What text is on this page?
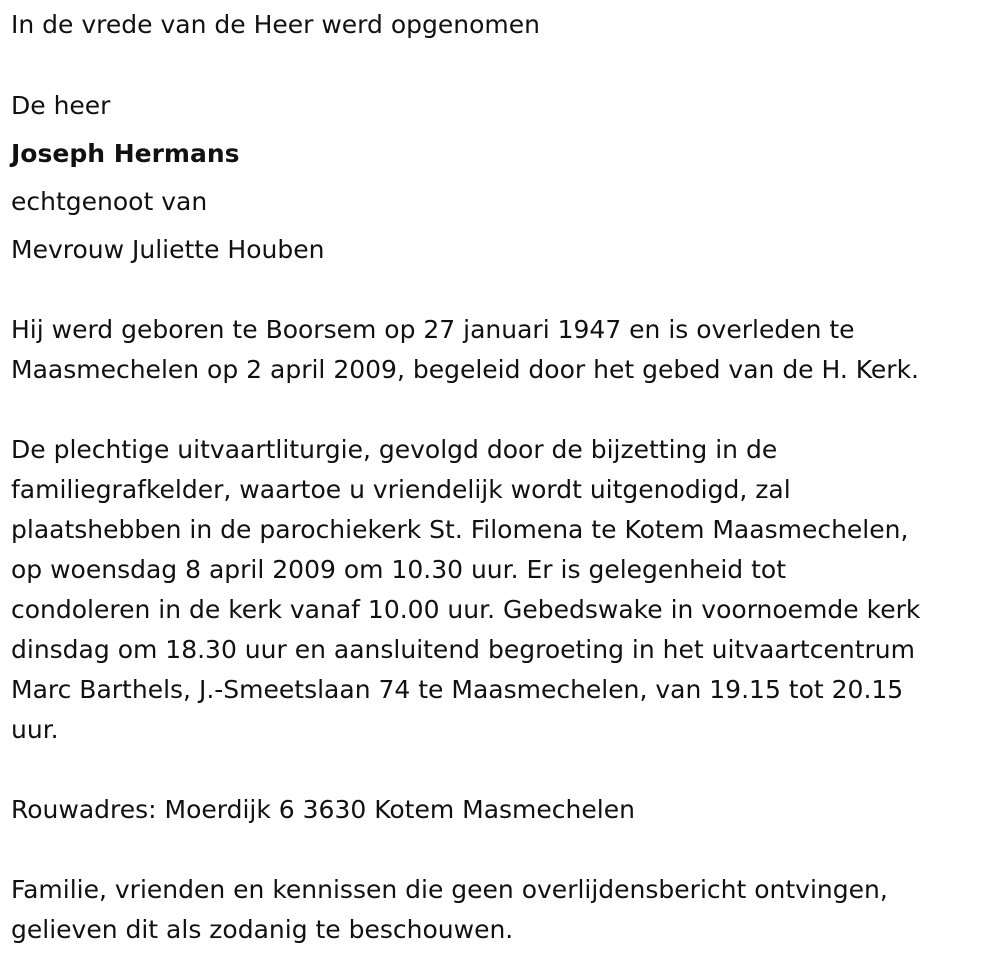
In de vrede van de Heer werd opgenomen
De heer
Joseph Hermans
echtgenoot van
Mevrouw Juliette Houben
Hij werd geboren te Boorsem op 27 januari 1947 en is overleden te
Maasmechelen op 2 april 2009, begeleid door het gebed van de H. Kerk.
De plechtige uitvaartliturgie, gevolgd door de bijzetting in de
familiegrafkelder, waartoe u vriendelijk wordt uitgenodigd, zal
plaatshebben in de parochiekerk St. Filomena te Kotem Maasmechelen,
op woensdag 8 april 2009 om 10.30 uur. Er is gelegenheid tot
condoleren in de kerk vanaf 10.00 uur. Gebedswake in voornoemde kerk
dinsdag om 18.30 uur en aansluitend begroeting in het uitvaartcentrum
Marc Barthels, J.-Smeetslaan 74 te Maasmechelen, van 19.15 tot 20.15
uur.
Rouwadres: Moerdijk 6 3630 Kotem Masmechelen
Familie, vrienden en kennissen die geen overlijdensbericht ontvingen,
gelieven dit als zodanig te beschouwen.
